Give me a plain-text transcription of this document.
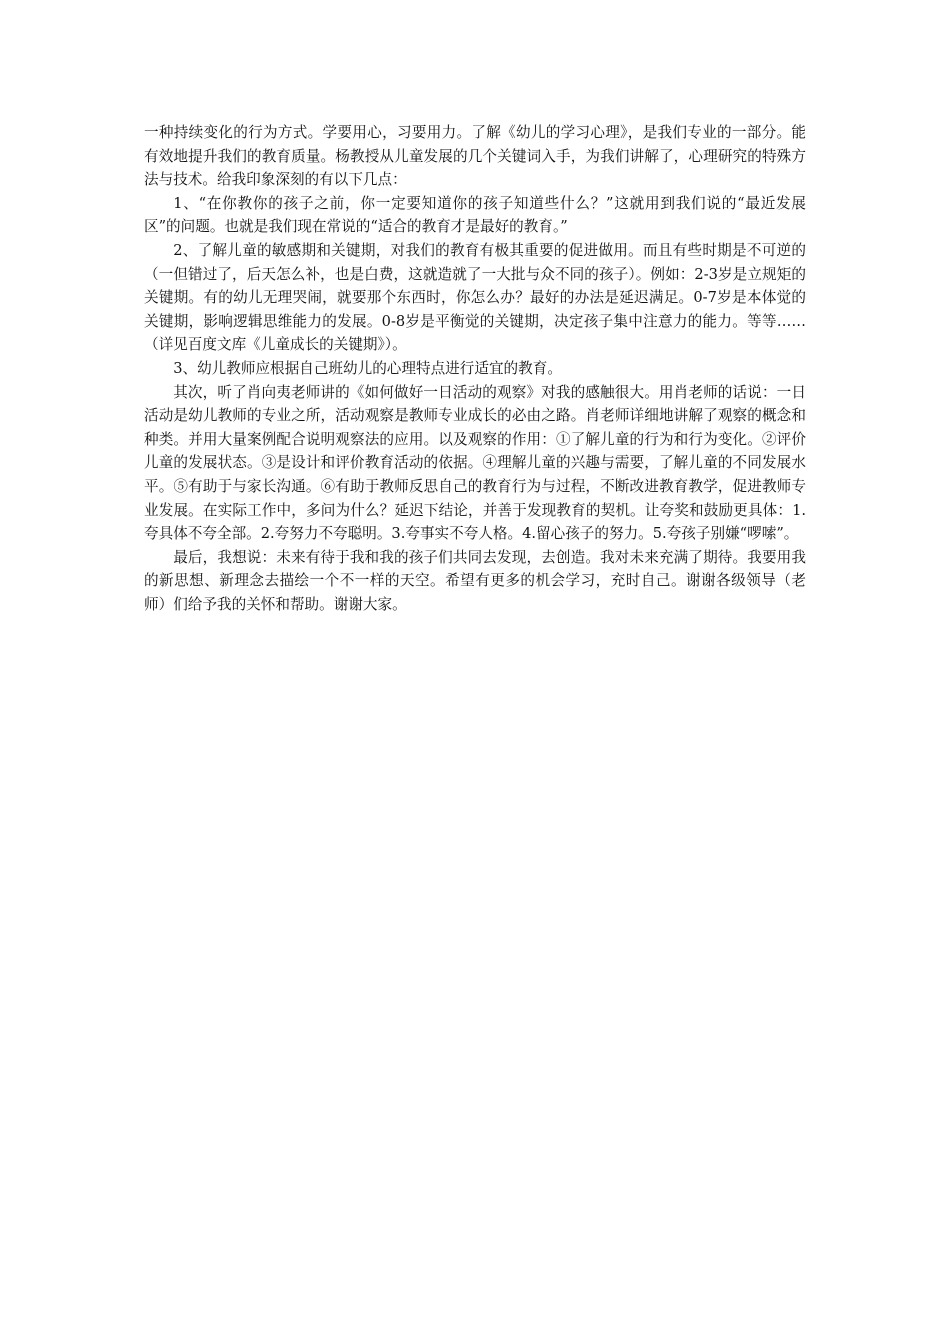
一种持续变化的行为方式。学要用心，习要用力。了解《幼儿的学习心理》，是我们专业的一部分。能有效地提升我们的教育质量。杨教授从儿童发展的几个关键词入手，为我们讲解了，心理研究的特殊方法与技术。给我印象深刻的有以下几点：

1、“在你教你的孩子之前，你一定要知道你的孩子知道些什么？”这就用到我们说的“最近发展区”的问题。也就是我们现在常说的“适合的教育才是最好的教育。”

2、了解儿童的敏感期和关键期，对我们的教育有极其重要的促进做用。而且有些时期是不可逆的（一但错过了，后天怎么补，也是白费，这就造就了一大批与众不同的孩子）。例如：2-3岁是立规矩的关键期。有的幼儿无理哭闹，就要那个东西时，你怎么办？最好的办法是延迟满足。0-7岁是本体觉的关键期，影响逻辑思维能力的发展。0-8岁是平衡觉的关键期，决定孩子集中注意力的能力。等等……（详见百度文库《儿童成长的关键期》）。

3、幼儿教师应根据自己班幼儿的心理特点进行适宜的教育。

其次，听了肖向夷老师讲的《如何做好一日活动的观察》对我的感触很大。用肖老师的话说：一日活动是幼儿教师的专业之所，活动观察是教师专业成长的必由之路。肖老师详细地讲解了观察的概念和种类。并用大量案例配合说明观察法的应用。以及观察的作用：①了解儿童的行为和行为变化。②评价儿童的发展状态。③是设计和评价教育活动的依据。④理解儿童的兴趣与需要，了解儿童的不同发展水平。⑤有助于与家长沟通。⑥有助于教师反思自己的教育行为与过程，不断改进教育教学，促进教师专业发展。在实际工作中，多问为什么？延迟下结论，并善于发现教育的契机。让夸奖和鼓励更具体：1.夸具体不夸全部。2.夸努力不夸聪明。3.夸事实不夸人格。4.留心孩子的努力。5.夸孩子别嫌“啰嗦”。

最后，我想说：未来有待于我和我的孩子们共同去发现，去创造。我对未来充满了期待。我要用我的新思想、新理念去描绘一个不一样的天空。希望有更多的机会学习，充时自己。谢谢各级领导（老师）们给予我的关怀和帮助。谢谢大家。
